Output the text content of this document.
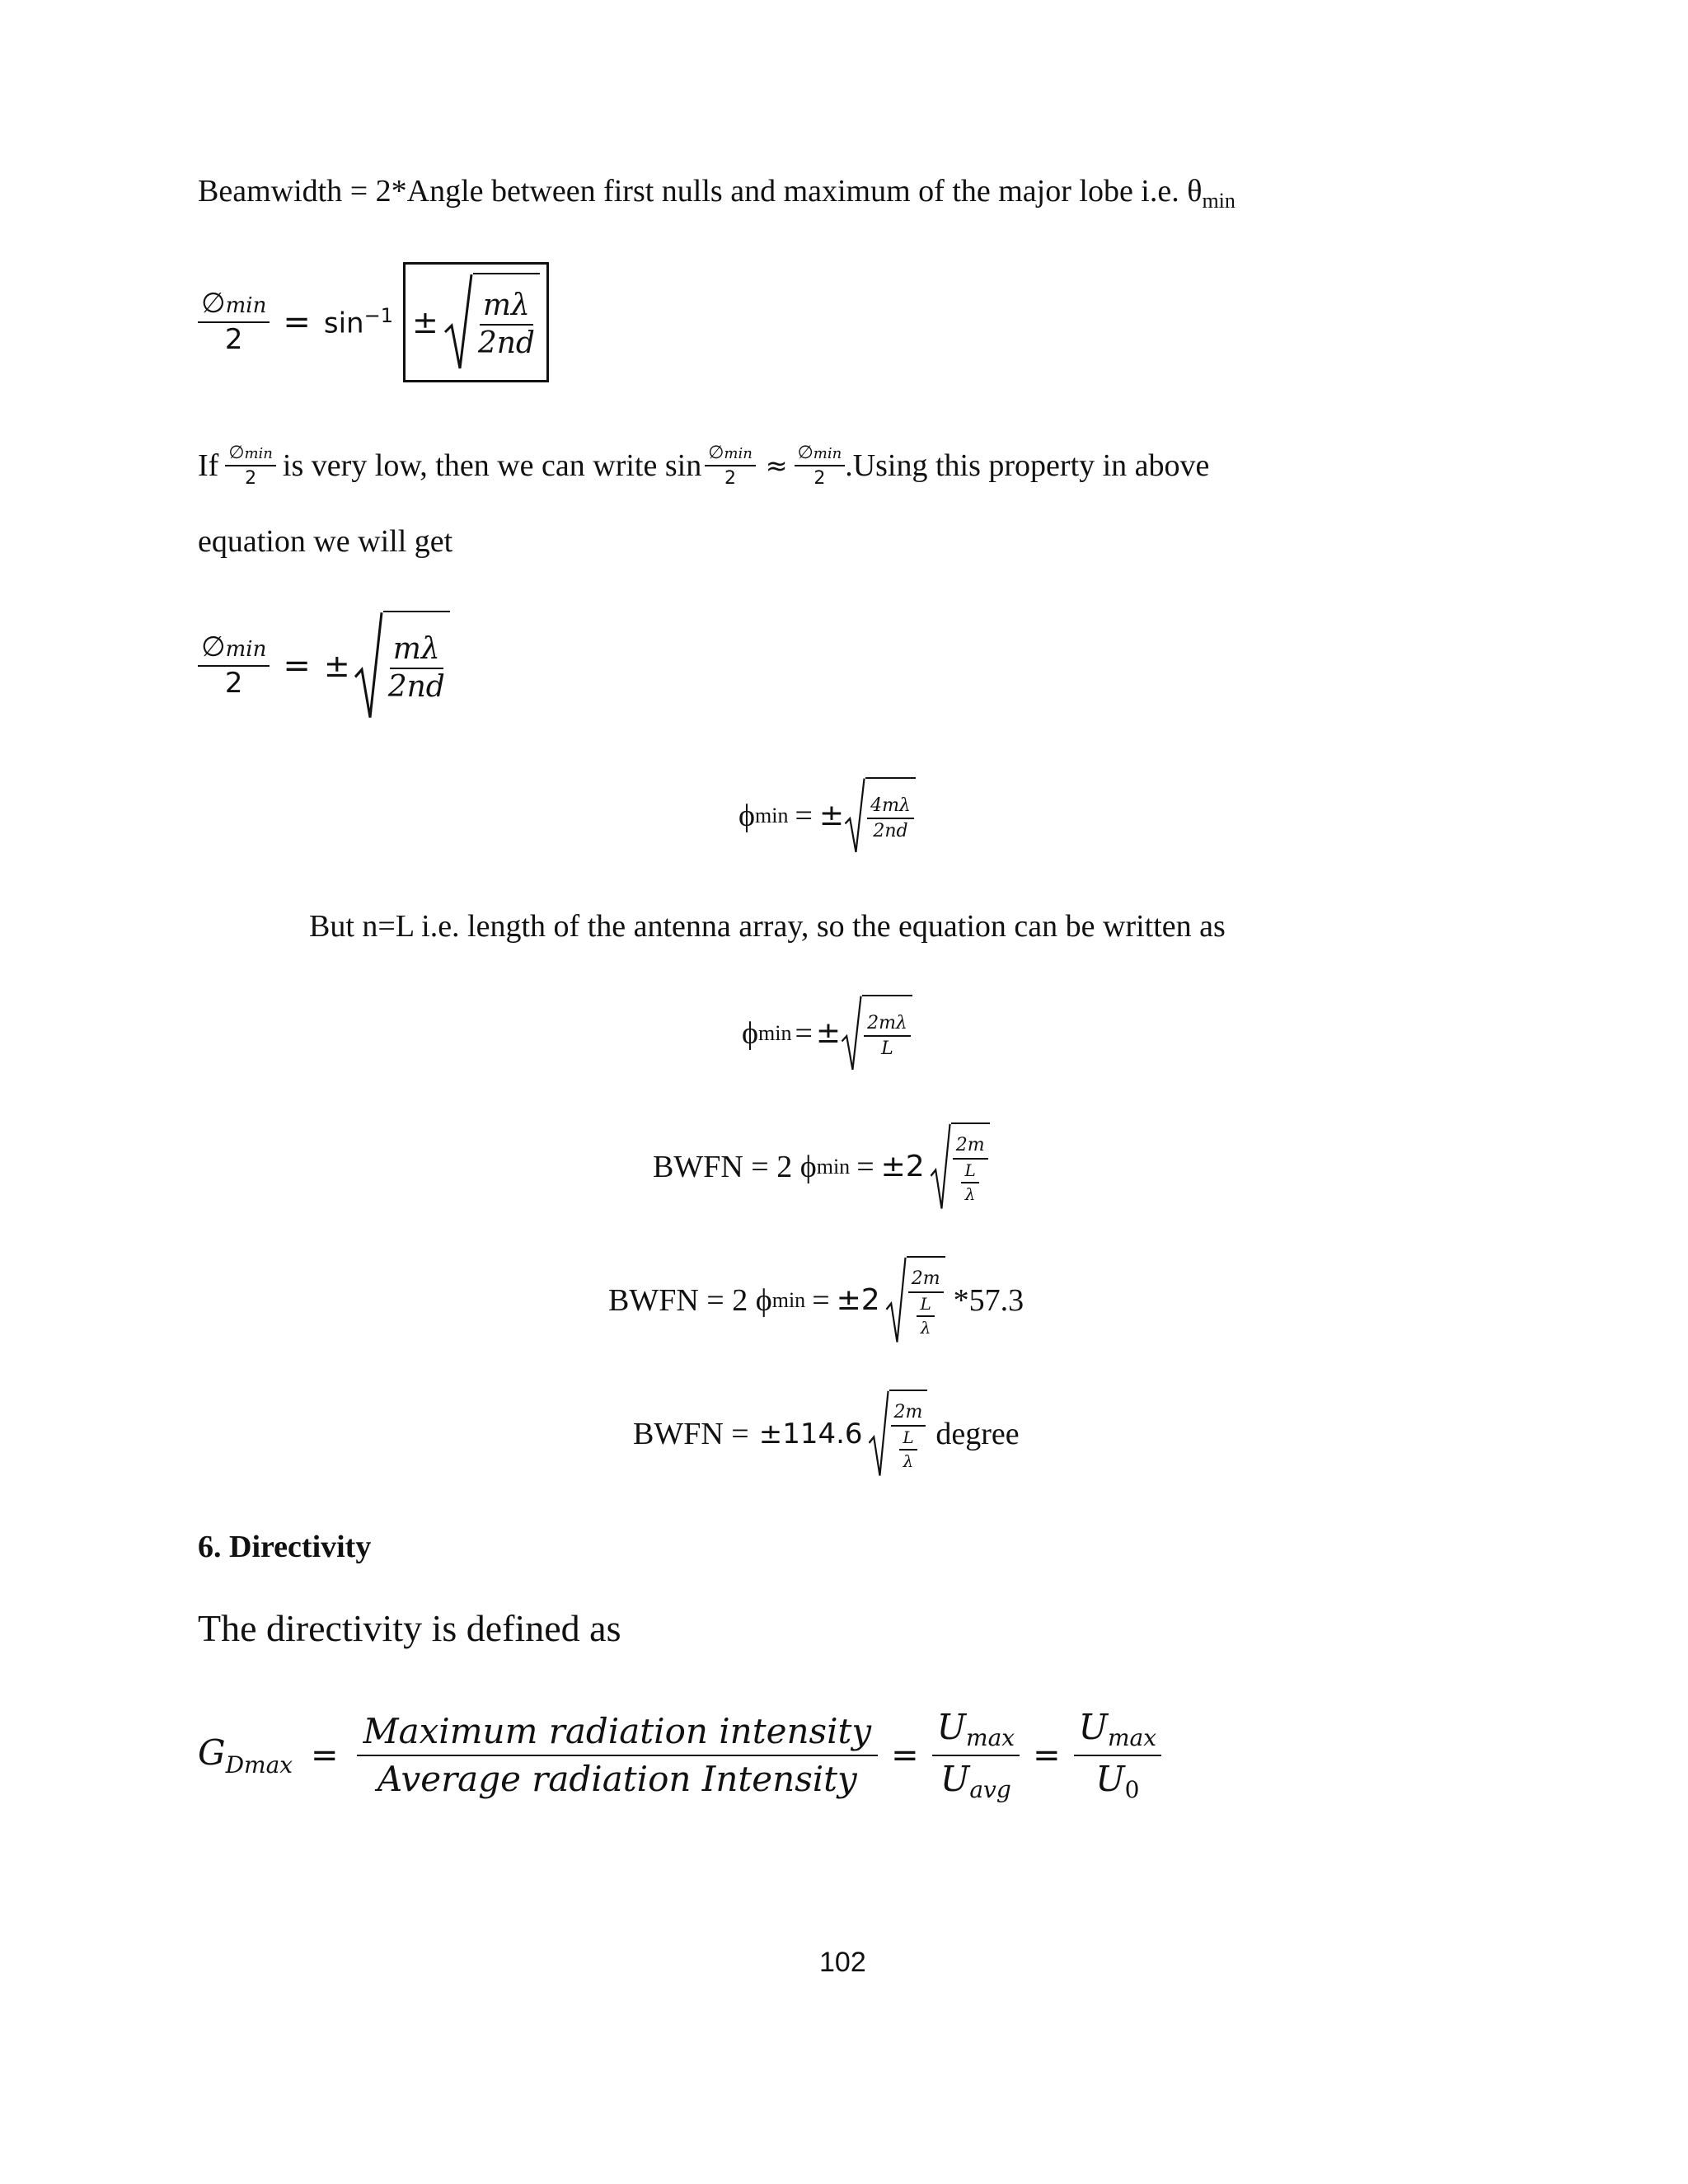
Beamwidth = 2*Angle between first nulls and maximum of the major lobe i.e. $\theta_{min}$
$\frac{\emptyset\min}{2} = \sin^{-1} \pm \frac{m\lambda}{2nd}$
If $\frac{\emptyset\min}{2}$ is very low, then we can write $\sin \frac{\emptyset\min}{2} \approx \frac{\emptyset\min}{2} .Using$ this property in above
equation we will get
$\frac{\emptyset\min}{2}$ = ± $\frac{m\lambda}{2nd}$
ϕ min = ± $\frac{4m\lambda}{2nd}$
But n=L i.e. length of the antenna array, so the equation can be written as
ϕ min = ± $\frac{2m\lambda}{L}$
BWFN = 2 ϕ $\min = \pm 2 \frac{2m}{\frac{L}{\lambda}}$
BWFN = 2 ϕ $\min = \pm 2 \frac{2m}{\frac{L}{\lambda}} *57.3$
BWFN = $\pm 114.6 \frac{2m}{\frac{L}{\lambda}}$ degree
6. Directivity
The directivity is defined as
$G_{Dmax} = \frac{\text{Maximum radiation intensity}}{\text{Average radiation Intensity}} = \frac{Umax}{\text{Uavg}} = \frac{Umax}{U0}$
102
